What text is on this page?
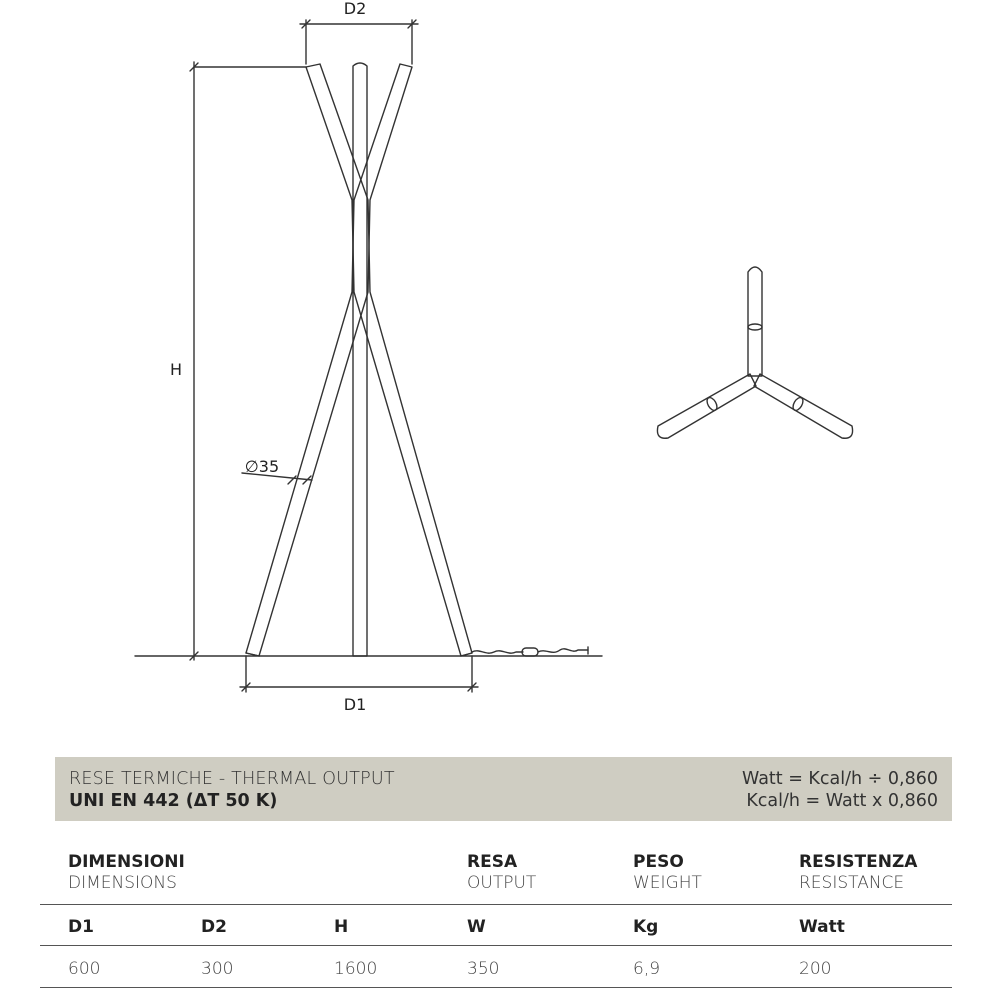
D2
H
∅35
D1
RESE TERMICHE - THERMAL OUTPUT
UNI EN 442 (ΔT 50 K)
Watt = Kcal/h ÷ 0,860
Kcal/h = Watt x 0,860
DIMENSIONI
DIMENSIONS
RESA
OUTPUT
PESO
WEIGHT
RESISTENZA
RESISTANCE
D1	D2	H	W	Kg	Watt
600	300	1600	350	6,9	200
